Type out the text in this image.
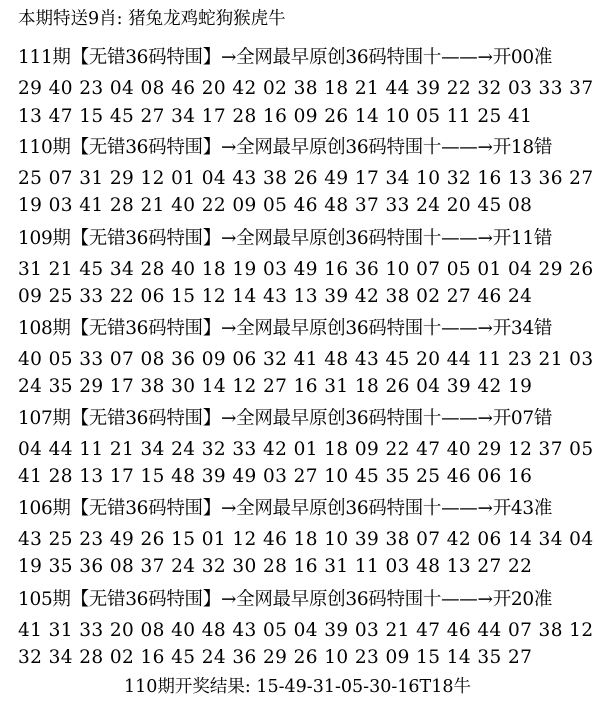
本期特送9肖: 猪兔龙鸡蛇狗猴虎牛
111期【无错36码特围】→全网最早原创36码特围十——→开00准
29 40 23 04 08 46 20 42 02 38 18 21 44 39 22 32 03 33 37
13 47 15 45 27 34 17 28 16 09 26 14 10 05 11 25 41
110期【无错36码特围】→全网最早原创36码特围十——→开18错
25 07 31 29 12 01 04 43 38 26 49 17 34 10 32 16 13 36 27
19 03 41 28 21 40 22 09 05 46 48 37 33 24 20 45 08
109期【无错36码特围】→全网最早原创36码特围十——→开11错
31 21 45 34 28 40 18 19 03 49 16 36 10 07 05 01 04 29 26
09 25 33 22 06 15 12 14 43 13 39 42 38 02 27 46 24
108期【无错36码特围】→全网最早原创36码特围十——→开34错
40 05 33 07 08 36 09 06 32 41 48 43 45 20 44 11 23 21 03
24 35 29 17 38 30 14 12 27 16 31 18 26 04 39 42 19
107期【无错36码特围】→全网最早原创36码特围十——→开07错
04 44 11 21 34 24 32 33 42 01 18 09 22 47 40 29 12 37 05
41 28 13 17 15 48 39 49 03 27 10 45 35 25 46 06 16
106期【无错36码特围】→全网最早原创36码特围十——→开43准
43 25 23 49 26 15 01 12 46 18 10 39 38 07 42 06 14 34 04
19 35 36 08 37 24 32 30 28 16 31 11 03 48 13 27 22
105期【无错36码特围】→全网最早原创36码特围十——→开20准
41 31 33 20 08 40 48 43 05 04 39 03 21 47 46 44 07 38 12
32 34 28 02 16 45 24 36 29 26 10 23 09 15 14 35 27
110期开奖结果: 15-49-31-05-30-16T18牛
